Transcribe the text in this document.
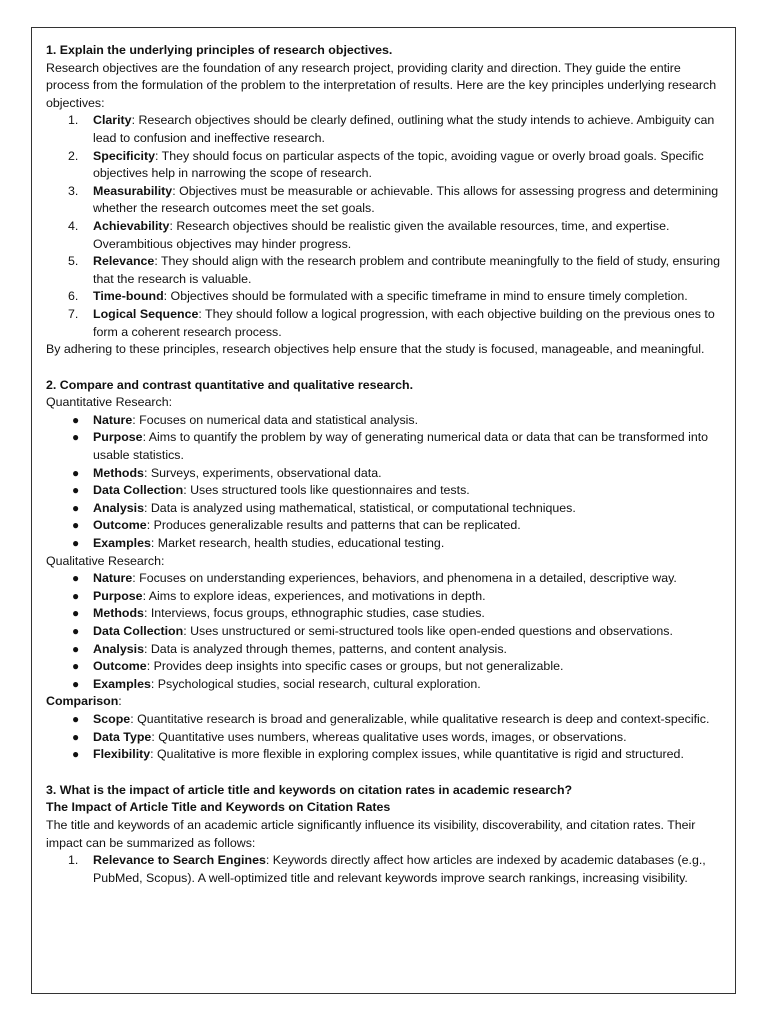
1. Explain the underlying principles of research objectives.

Research objectives are the foundation of any research project, providing clarity and direction. They guide the entire process from the formulation of the problem to the interpretation of results. Here are the key principles underlying research objectives:

1.	Clarity: Research objectives should be clearly defined, outlining what the study intends to achieve. Ambiguity can lead to confusion and ineffective research.
2.	Specificity: They should focus on particular aspects of the topic, avoiding vague or overly broad goals. Specific objectives help in narrowing the scope of research.
3.	Measurability: Objectives must be measurable or achievable. This allows for assessing progress and determining whether the research outcomes meet the set goals.
4.	Achievability: Research objectives should be realistic given the available resources, time, and expertise. Overambitious objectives may hinder progress.
5.	Relevance: They should align with the research problem and contribute meaningfully to the field of study, ensuring that the research is valuable.
6.	Time-bound: Objectives should be formulated with a specific timeframe in mind to ensure timely completion.
7.	Logical Sequence: They should follow a logical progression, with each objective building on the previous ones to form a coherent research process.

By adhering to these principles, research objectives help ensure that the study is focused, manageable, and meaningful.

2. Compare and contrast quantitative and qualitative research.

Quantitative Research:

● Nature: Focuses on numerical data and statistical analysis.
● Purpose: Aims to quantify the problem by way of generating numerical data or data that can be transformed into usable statistics.
● Methods: Surveys, experiments, observational data.
● Data Collection: Uses structured tools like questionnaires and tests.
● Analysis: Data is analyzed using mathematical, statistical, or computational techniques.
● Outcome: Produces generalizable results and patterns that can be replicated.
● Examples: Market research, health studies, educational testing.

Qualitative Research:

● Nature: Focuses on understanding experiences, behaviors, and phenomena in a detailed, descriptive way.
● Purpose: Aims to explore ideas, experiences, and motivations in depth.
● Methods: Interviews, focus groups, ethnographic studies, case studies.
● Data Collection: Uses unstructured or semi-structured tools like open-ended questions and observations.
● Analysis: Data is analyzed through themes, patterns, and content analysis.
● Outcome: Provides deep insights into specific cases or groups, but not generalizable.
● Examples: Psychological studies, social research, cultural exploration.

Comparison:

● Scope: Quantitative research is broad and generalizable, while qualitative research is deep and context-specific.
● Data Type: Quantitative uses numbers, whereas qualitative uses words, images, or observations.
● Flexibility: Qualitative is more flexible in exploring complex issues, while quantitative is rigid and structured.

3. What is the impact of article title and keywords on citation rates in academic research?

The Impact of Article Title and Keywords on Citation Rates

The title and keywords of an academic article significantly influence its visibility, discoverability, and citation rates. Their impact can be summarized as follows:

1.	Relevance to Search Engines: Keywords directly affect how articles are indexed by academic databases (e.g., PubMed, Scopus). A well-optimized title and relevant keywords improve search rankings, increasing visibility.
